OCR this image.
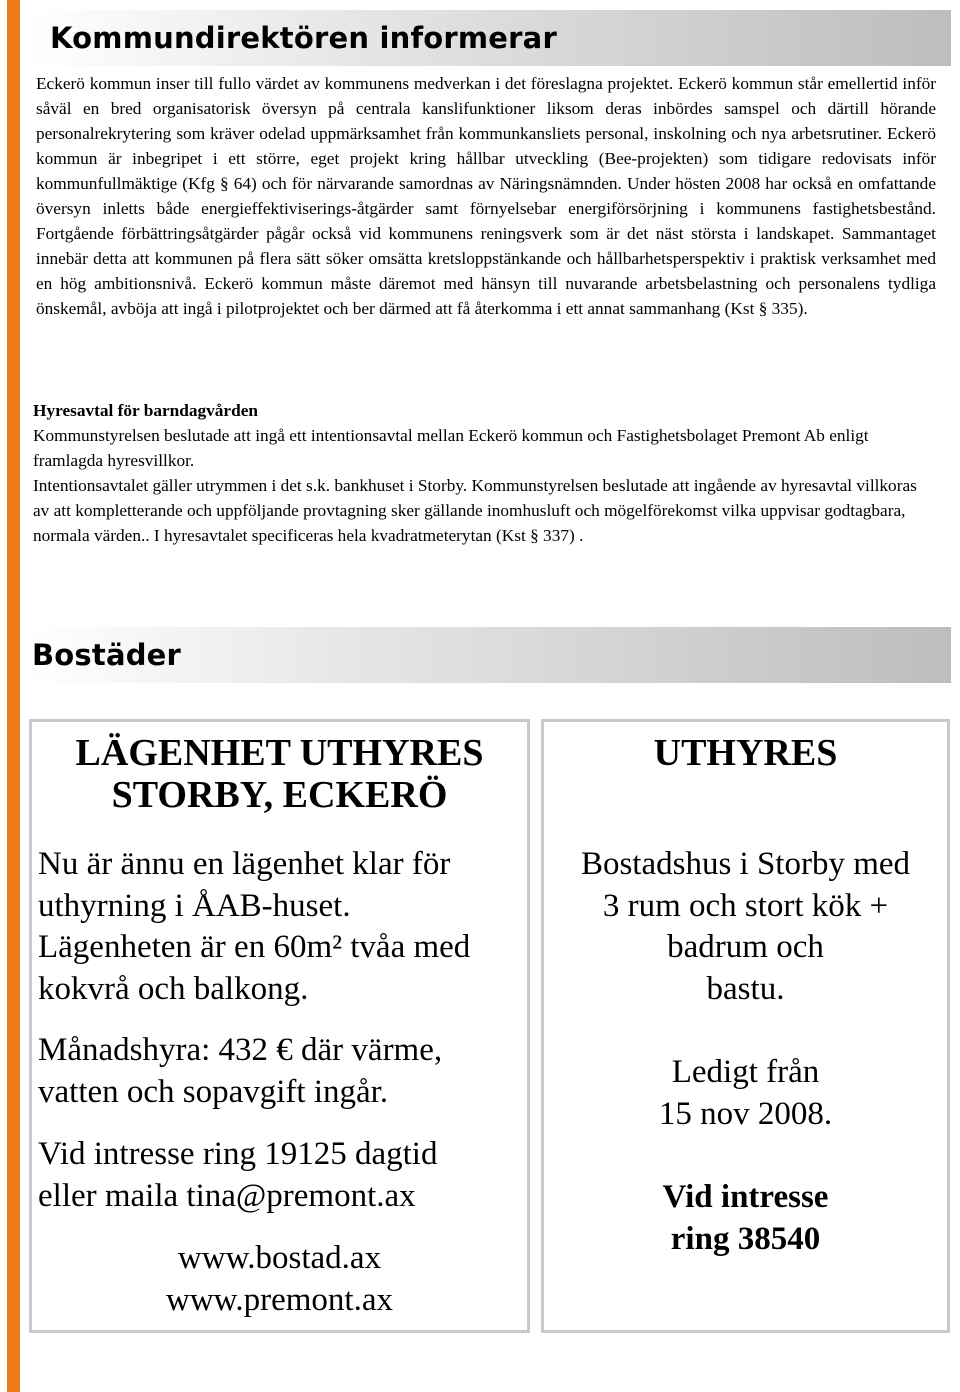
Kommundirektören informerar

Eckerö kommun inser till fullo värdet av kommunens medverkan i det föreslagna projektet. Eckerö kommun står emellertid inför såväl en bred organisatorisk översyn på centrala kanslifunktioner liksom deras inbördes samspel och därtill hörande personalrekrytering som kräver odelad uppmärksamhet från kommunkansliets personal, inskolning och nya arbetsrutiner. Eckerö kommun är inbegripet i ett större, eget projekt kring hållbar utveckling (Bee-projekten) som tidigare redovisats inför kommunfullmäktige (Kfg § 64) och för närvarande samordnas av Näringsnämnden. Under hösten 2008 har också en omfattande översyn inletts både energieffektiviserings-åtgärder samt förnyelsebar energiförsörjning i kommunens fastighetsbestånd. Fortgående förbättringsåtgärder pågår också vid kommunens reningsverk som är det näst största i landskapet. Sammantaget innebär detta att kommunen på flera sätt söker omsätta kretsloppstänkande och hållbarhetsperspektiv i praktisk verksamhet med en hög ambitionsnivå. Eckerö kommun måste däremot med hänsyn till nuvarande arbetsbelastning och personalens tydliga önskemål, avböja att ingå i pilotprojektet och ber därmed att få återkomma i ett annat sammanhang (Kst § 335).

Hyresavtal för barndagvården
Kommunstyrelsen beslutade att ingå ett intentionsavtal mellan Eckerö kommun och Fastighetsbolaget Premont Ab enligt framlagda hyresvillkor.
Intentionsavtalet gäller utrymmen i det s.k. bankhuset i Storby. Kommunstyrelsen beslutade att ingående av hyresavtal villkoras av att kompletterande och uppföljande provtagning sker gällande inomhusluft och mögelförekomst vilka uppvisar godtagbara, normala värden.. I hyresavtalet specificeras hela kvadratmeterytan (Kst § 337) .
Bostäder

LÄGENHET UTHYRES
STORBY, ECKERÖ

Nu är ännu en lägenhet klar för
uthyrning i ÅAB-huset.
Lägenheten är en 60m² tvåa med
kokvrå och balkong.

Månadshyra: 432 € där värme,
vatten och sopavgift ingår.

Vid intresse ring 19125 dagtid
eller maila tina@premont.ax

www.bostad.ax
www.premont.ax

UTHYRES

Bostadshus i Storby med
3 rum och stort kök +
badrum och
bastu.

Ledigt från
15 nov 2008.

Vid intresse
ring 38540
